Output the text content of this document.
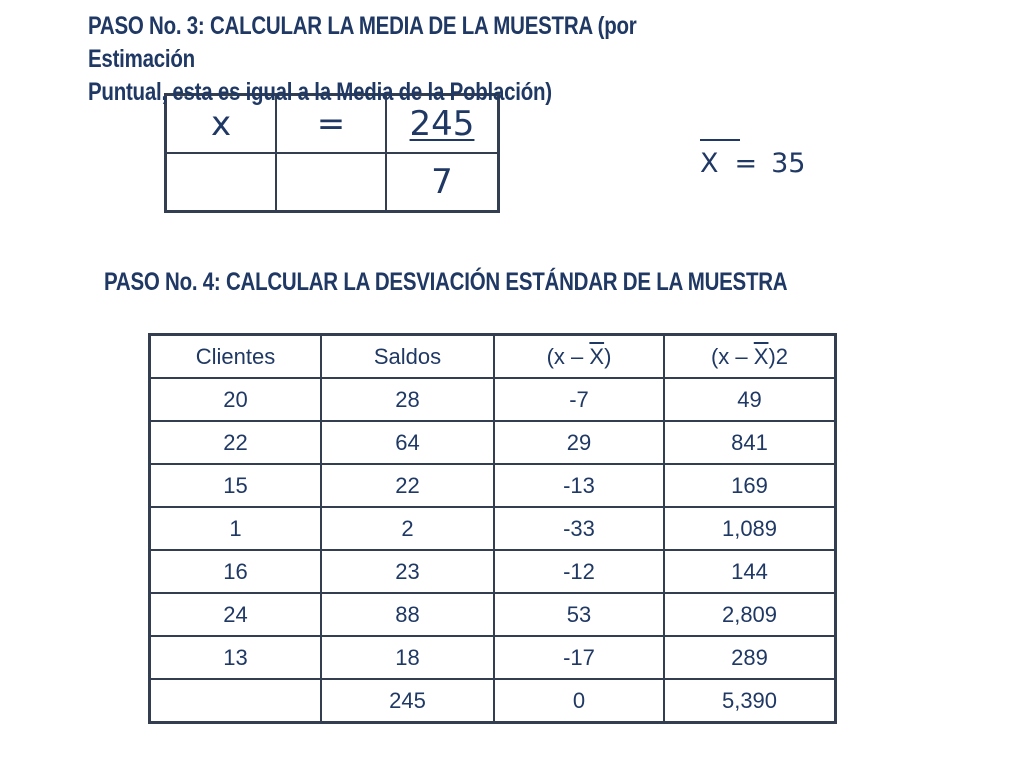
x	=	245
		7
PASO No. 3: CALCULAR LA MEDIA DE LA MUESTRA (por
Estimación
Puntual, esta es igual a la Media de la Población)
X = 35
PASO No. 4: CALCULAR LA DESVIACIÓN ESTÁNDAR DE LA MUESTRA
Clientes	Saldos	$(x - \overline{X})$	$(x - \overline{X})2$
20	28	-7	49
22	64	29	841
15	22	-13	169
1	2	-33	1,089
16	23	-12	144
24	88	53	2,809
13	18	-17	289
	245	0	5,390
